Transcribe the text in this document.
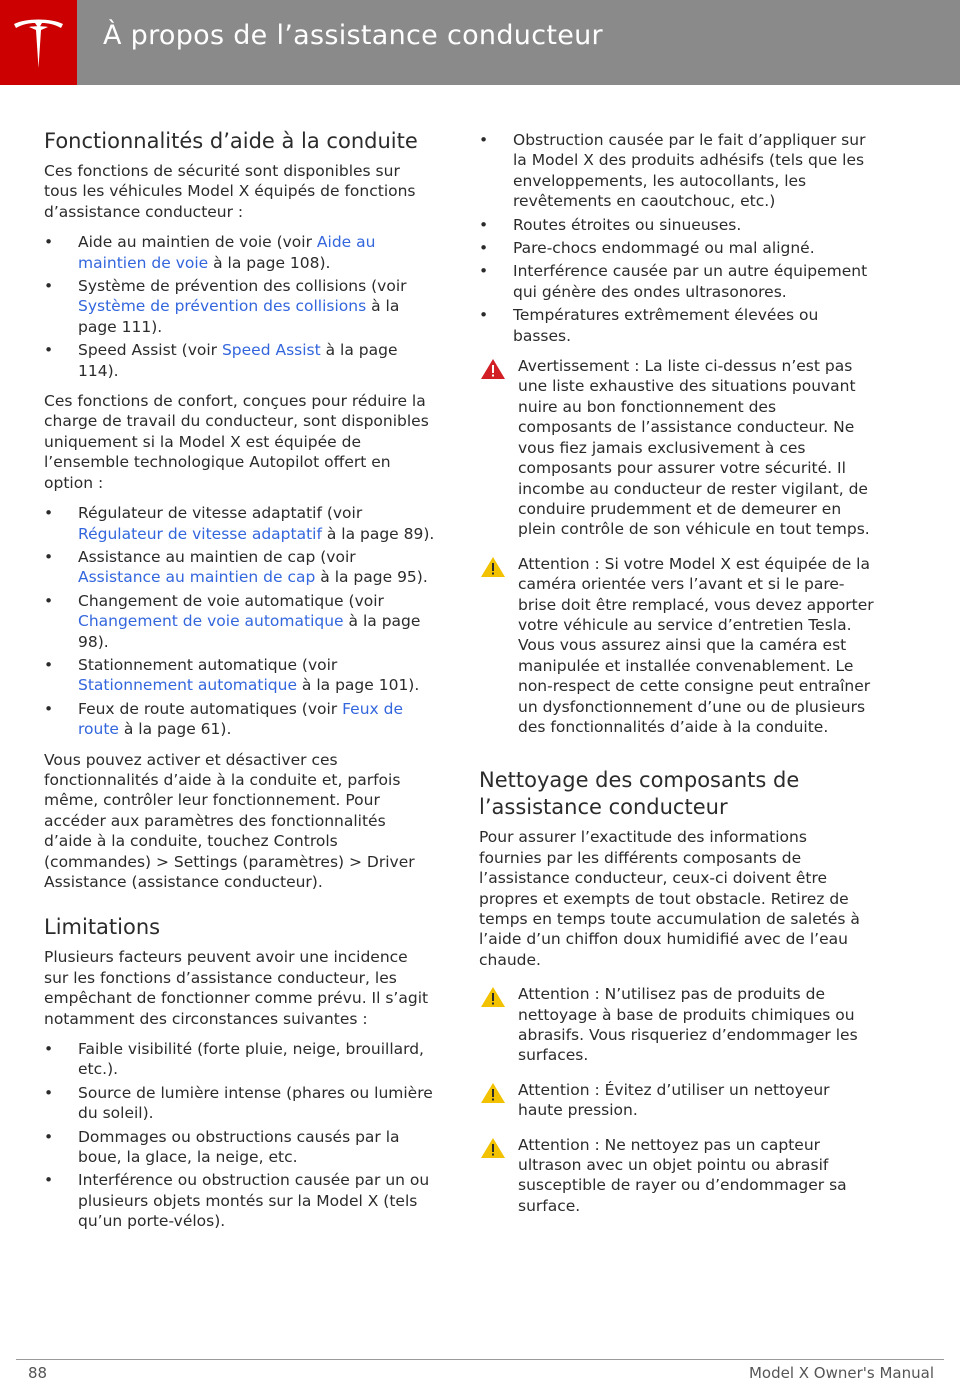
À propos de l’assistance conducteur
Fonctionnalités d’aide à la conduite

Ces fonctions de sécurité sont disponibles sur tous les véhicules Model X équipés de fonctions d’assistance conducteur :

• Aide au maintien de voie (voir Aide au maintien de voie à la page 108).
• Système de prévention des collisions (voir Système de prévention des collisions à la page 111).
• Speed Assist (voir Speed Assist à la page 114).

Ces fonctions de confort, conçues pour réduire la charge de travail du conducteur, sont disponibles uniquement si la Model X est équipée de l’ensemble technologique Autopilot offert en option :

• Régulateur de vitesse adaptatif (voir Régulateur de vitesse adaptatif à la page 89).
• Assistance au maintien de cap (voir Assistance au maintien de cap à la page 95).
• Changement de voie automatique (voir Changement de voie automatique à la page 98).
• Stationnement automatique (voir Stationnement automatique à la page 101).
• Feux de route automatiques (voir Feux de route à la page 61).

Vous pouvez activer et désactiver ces fonctionnalités d’aide à la conduite et, parfois même, contrôler leur fonctionnement. Pour accéder aux paramètres des fonctionnalités d’aide à la conduite, touchez Controls (commandes) > Settings (paramètres) > Driver Assistance (assistance conducteur).

Limitations

Plusieurs facteurs peuvent avoir une incidence sur les fonctions d’assistance conducteur, les empêchant de fonctionner comme prévu. Il s’agit notamment des circonstances suivantes :

• Faible visibilité (forte pluie, neige, brouillard, etc.).
• Source de lumière intense (phares ou lumière du soleil).
• Dommages ou obstructions causés par la boue, la glace, la neige, etc.
• Interférence ou obstruction causée par un ou plusieurs objets montés sur la Model X (tels qu’un porte-vélos).
• Obstruction causée par le fait d’appliquer sur la Model X des produits adhésifs (tels que les enveloppements, les autocollants, les revêtements en caoutchouc, etc.)
• Routes étroites ou sinueuses.
• Pare-chocs endommagé ou mal aligné.
• Interférence causée par un autre équipement qui génère des ondes ultrasonores.
• Températures extrêmement élevées ou basses.
Avertissement : La liste ci-dessus n’est pas une liste exhaustive des situations pouvant nuire au bon fonctionnement des composants de l’assistance conducteur. Ne vous fiez jamais exclusivement à ces composants pour assurer votre sécurité. Il incombe au conducteur de rester vigilant, de conduire prudemment et de demeurer en plein contrôle de son véhicule en tout temps.
Attention : Si votre Model X est équipée de la caméra orientée vers l’avant et si le pare-brise doit être remplacé, vous devez apporter votre véhicule au service d’entretien Tesla. Vous vous assurez ainsi que la caméra est manipulée et installée convenablement. Le non-respect de cette consigne peut entraîner un dysfonctionnement d’une ou de plusieurs des fonctionnalités d’aide à la conduite.
Nettoyage des composants de l’assistance conducteur

Pour assurer l’exactitude des informations fournies par les différents composants de l’assistance conducteur, ceux-ci doivent être propres et exempts de tout obstacle. Retirez de temps en temps toute accumulation de saletés à l’aide d’un chiffon doux humidifié avec de l’eau chaude.

Attention : N’utilisez pas de produits de nettoyage à base de produits chimiques ou abrasifs. Vous risqueriez d’endommager les surfaces.
Attention : Évitez d’utiliser un nettoyeur haute pression.
Attention : Ne nettoyez pas un capteur ultrason avec un objet pointu ou abrasif susceptible de rayer ou d’endommager sa surface.
88	Model X Owner's Manual
